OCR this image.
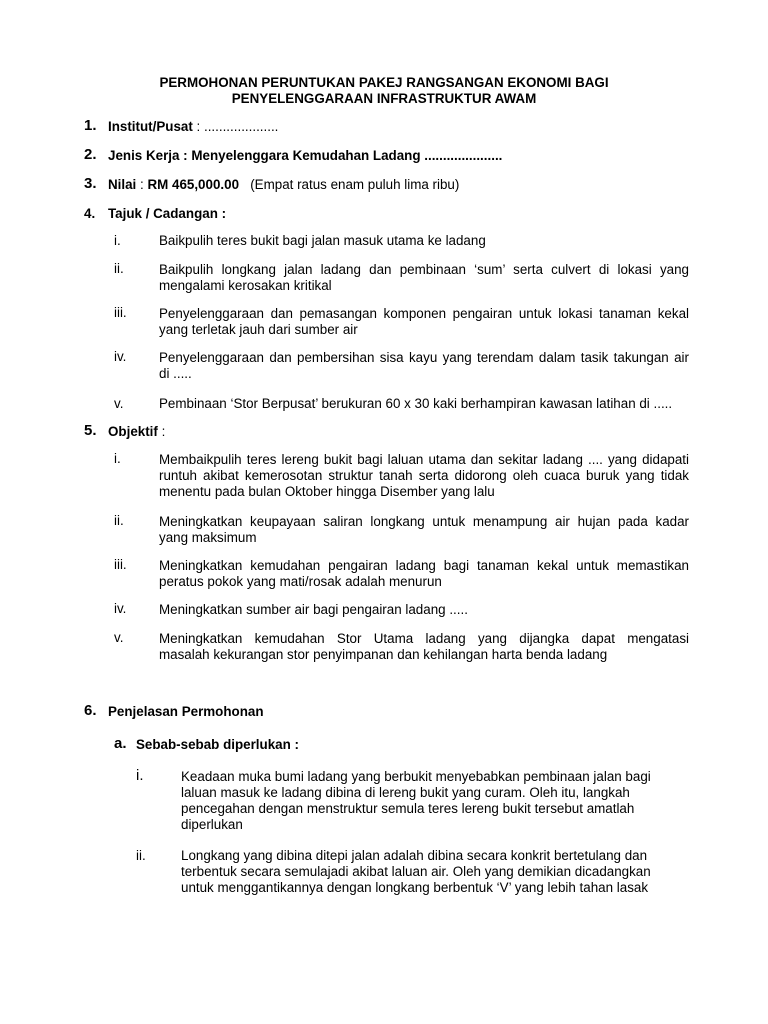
PERMOHONAN PERUNTUKAN PAKEJ RANGSANGAN EKONOMI BAGI
PENYELENGGARAAN INFRASTRUKTUR AWAM
1. Institut/Pusat : ....................
2. Jenis Kerja : Menyelenggara Kemudahan Ladang .....................
3. Nilai : RM 465,000.00 (Empat ratus enam puluh lima ribu)
4. Tajuk / Cadangan :
i.	Baikpulih teres bukit bagi jalan masuk utama ke ladang
ii.	Baikpulih longkang jalan ladang dan pembinaan ‘sum’ serta culvert di lokasi yang
mengalami kerosakan kritikal
iii. Penyelenggaraan dan pemasangan komponen pengairan untuk lokasi tanaman kekal
yang terletak jauh dari sumber air
iv. Penyelenggaraan dan pembersihan sisa kayu yang terendam dalam tasik takungan air
di .....
v.	Pembinaan ‘Stor Berpusat’ berukuran 60 x 30 kaki berhampiran kawasan latihan di .....
5. Objektif :
i.	Membaikpulih teres lereng bukit bagi laluan utama dan sekitar ladang .... yang didapati
runtuh akibat kemerosotan struktur tanah serta didorong oleh cuaca buruk yang tidak
menentu pada bulan Oktober hingga Disember yang lalu
ii.	Meningkatkan keupayaan saliran longkang untuk menampung air hujan pada kadar
yang maksimum
iii. Meningkatkan kemudahan pengairan ladang bagi tanaman kekal untuk memastikan
peratus pokok yang mati/rosak adalah menurun
iv. Meningkatkan sumber air bagi pengairan ladang .....
v.	Meningkatkan kemudahan Stor Utama ladang yang dijangka dapat mengatasi
masalah kekurangan stor penyimpanan dan kehilangan harta benda ladang
6. Penjelasan Permohonan
a. Sebab-sebab diperlukan :
i.	Keadaan muka bumi ladang yang berbukit menyebabkan pembinaan jalan bagi
laluan masuk ke ladang dibina di lereng bukit yang curam. Oleh itu, langkah
pencegahan dengan menstruktur semula teres lereng bukit tersebut amatlah
diperlukan
ii.	Longkang yang dibina ditepi jalan adalah dibina secara konkrit bertetulang dan
terbentuk secara semulajadi akibat laluan air. Oleh yang demikian dicadangkan
untuk menggantikannya dengan longkang berbentuk ‘V’ yang lebih tahan lasak
